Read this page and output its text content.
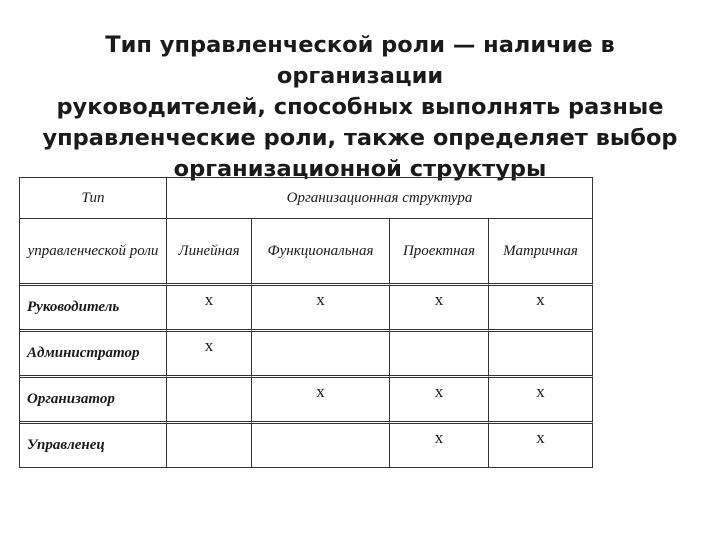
Тип управленческой роли — наличие в организации
руководителей, способных выполнять разные
управленческие роли, также определяет выбор
организационной структуры
Тип	Организационная структура			
управленческой роли	Линейная	Функциональная	Проектная	Матричная
Руководитель	x	x	x	x
Администратор	x			
Организатор		x	x	x
Управленец			x	x
